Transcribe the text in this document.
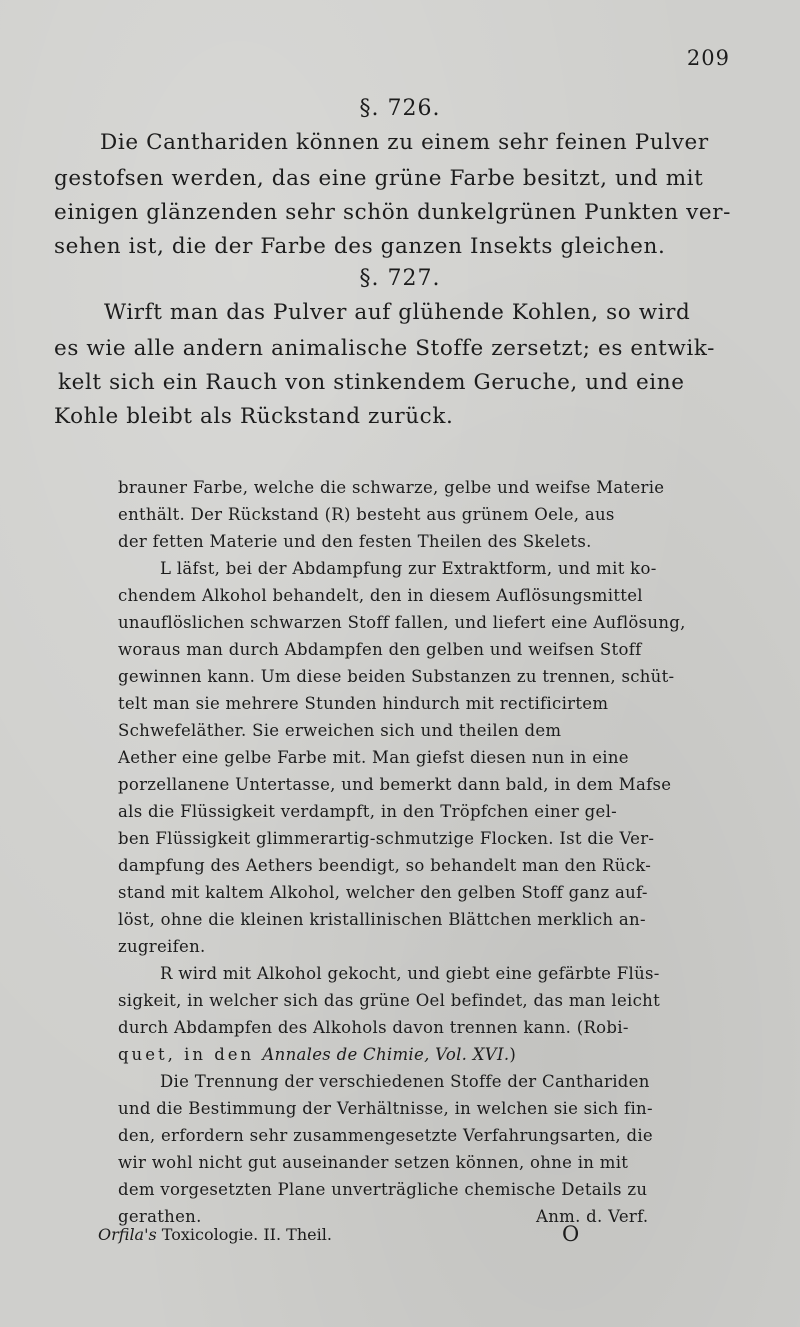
209
§. 726.
Die Canthariden können zu einem sehr feinen Pulver
gestofsen werden, das eine grüne Farbe besitzt, und mit
einigen glänzenden sehr schön dunkelgrünen Punkten ver-
sehen ist, die der Farbe des ganzen Insekts gleichen.
§. 727.
Wirft man das Pulver auf glühende Kohlen, so wird
es wie alle andern animalische Stoffe zersetzt; es entwik-
kelt sich ein Rauch von stinkendem Geruche, und eine
Kohle bleibt als Rückstand zurück.
brauner Farbe, welche die schwarze, gelbe und weifse Materie
enthält. Der Rückstand (R) besteht aus grünem Oele, aus
der fetten Materie und den festen Theilen des Skelets.
L läfst, bei der Abdampfung zur Extraktform, und mit ko-
chendem Alkohol behandelt, den in diesem Auflösungsmittel
unauflöslichen schwarzen Stoff fallen, und liefert eine Auflösung,
woraus man durch Abdampfen den gelben und weifsen Stoff
gewinnen kann. Um diese beiden Substanzen zu trennen, schüt-
telt man sie mehrere Stunden hindurch mit rectificirtem
Schwefeläther. Sie erweichen sich und theilen dem
Aether eine gelbe Farbe mit. Man giefst diesen nun in eine
porzellanene Untertasse, und bemerkt dann bald, in dem Mafse
als die Flüssigkeit verdampft, in den Tröpfchen einer gel-
ben Flüssigkeit glimmerartig-schmutzige Flocken. Ist die Ver-
dampfung des Aethers beendigt, so behandelt man den Rück-
stand mit kaltem Alkohol, welcher den gelben Stoff ganz auf-
löst, ohne die kleinen kristallinischen Blättchen merklich an-
zugreifen.
R wird mit Alkohol gekocht, und giebt eine gefärbte Flüs-
sigkeit, in welcher sich das grüne Oel befindet, das man leicht
durch Abdampfen des Alkohols davon trennen kann. (Robi-
quet, in den Annales de Chimie, Vol. XVI.)
Die Trennung der verschiedenen Stoffe der Canthariden
und die Bestimmung der Verhältnisse, in welchen sie sich fin-
den, erfordern sehr zusammengesetzte Verfahrungsarten, die
wir wohl nicht gut auseinander setzen können, ohne in mit
dem vorgesetzten Plane unverträgliche chemische Details zu
gerathen.	Anm. d. Verf.
Orfila's Toxicologie. II. Theil.	O
